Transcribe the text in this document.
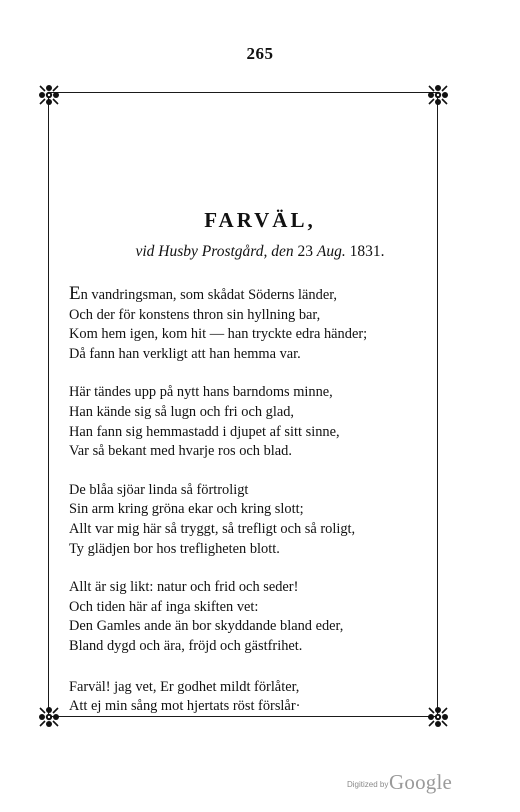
265
FARVÄL,
vid Husby Prostgård, den 23 Aug. 1831.
En vandringsman, som skådat Söderns länder,
Och der för konstens thron sin hyllning bar,
Kom hem igen, kom hit — han tryckte edra händer;
Då fann han verkligt att han hemma var.
Här tändes upp på nytt hans barndoms minne,
Han kände sig så lugn och fri och glad,
Han fann sig hemmastadd i djupet af sitt sinne,
Var så bekant med hvarje ros och blad.
De blåa sjöar linda så förtroligt
Sin arm kring gröna ekar och kring slott;
Allt var mig här så tryggt, så trefligt och så roligt,
Ty glädjen bor hos trefligheten blott.
Allt är sig likt: natur och frid och seder!
Och tiden här af inga skiften vet:
Den Gamles ande än bor skyddande bland eder,
Bland dygd och ära, fröjd och gästfrihet.
Farväl! jag vet, Er godhet mildt förlåter,
Att ej min sång mot hjertats röst förslår·
Digitized by Google
